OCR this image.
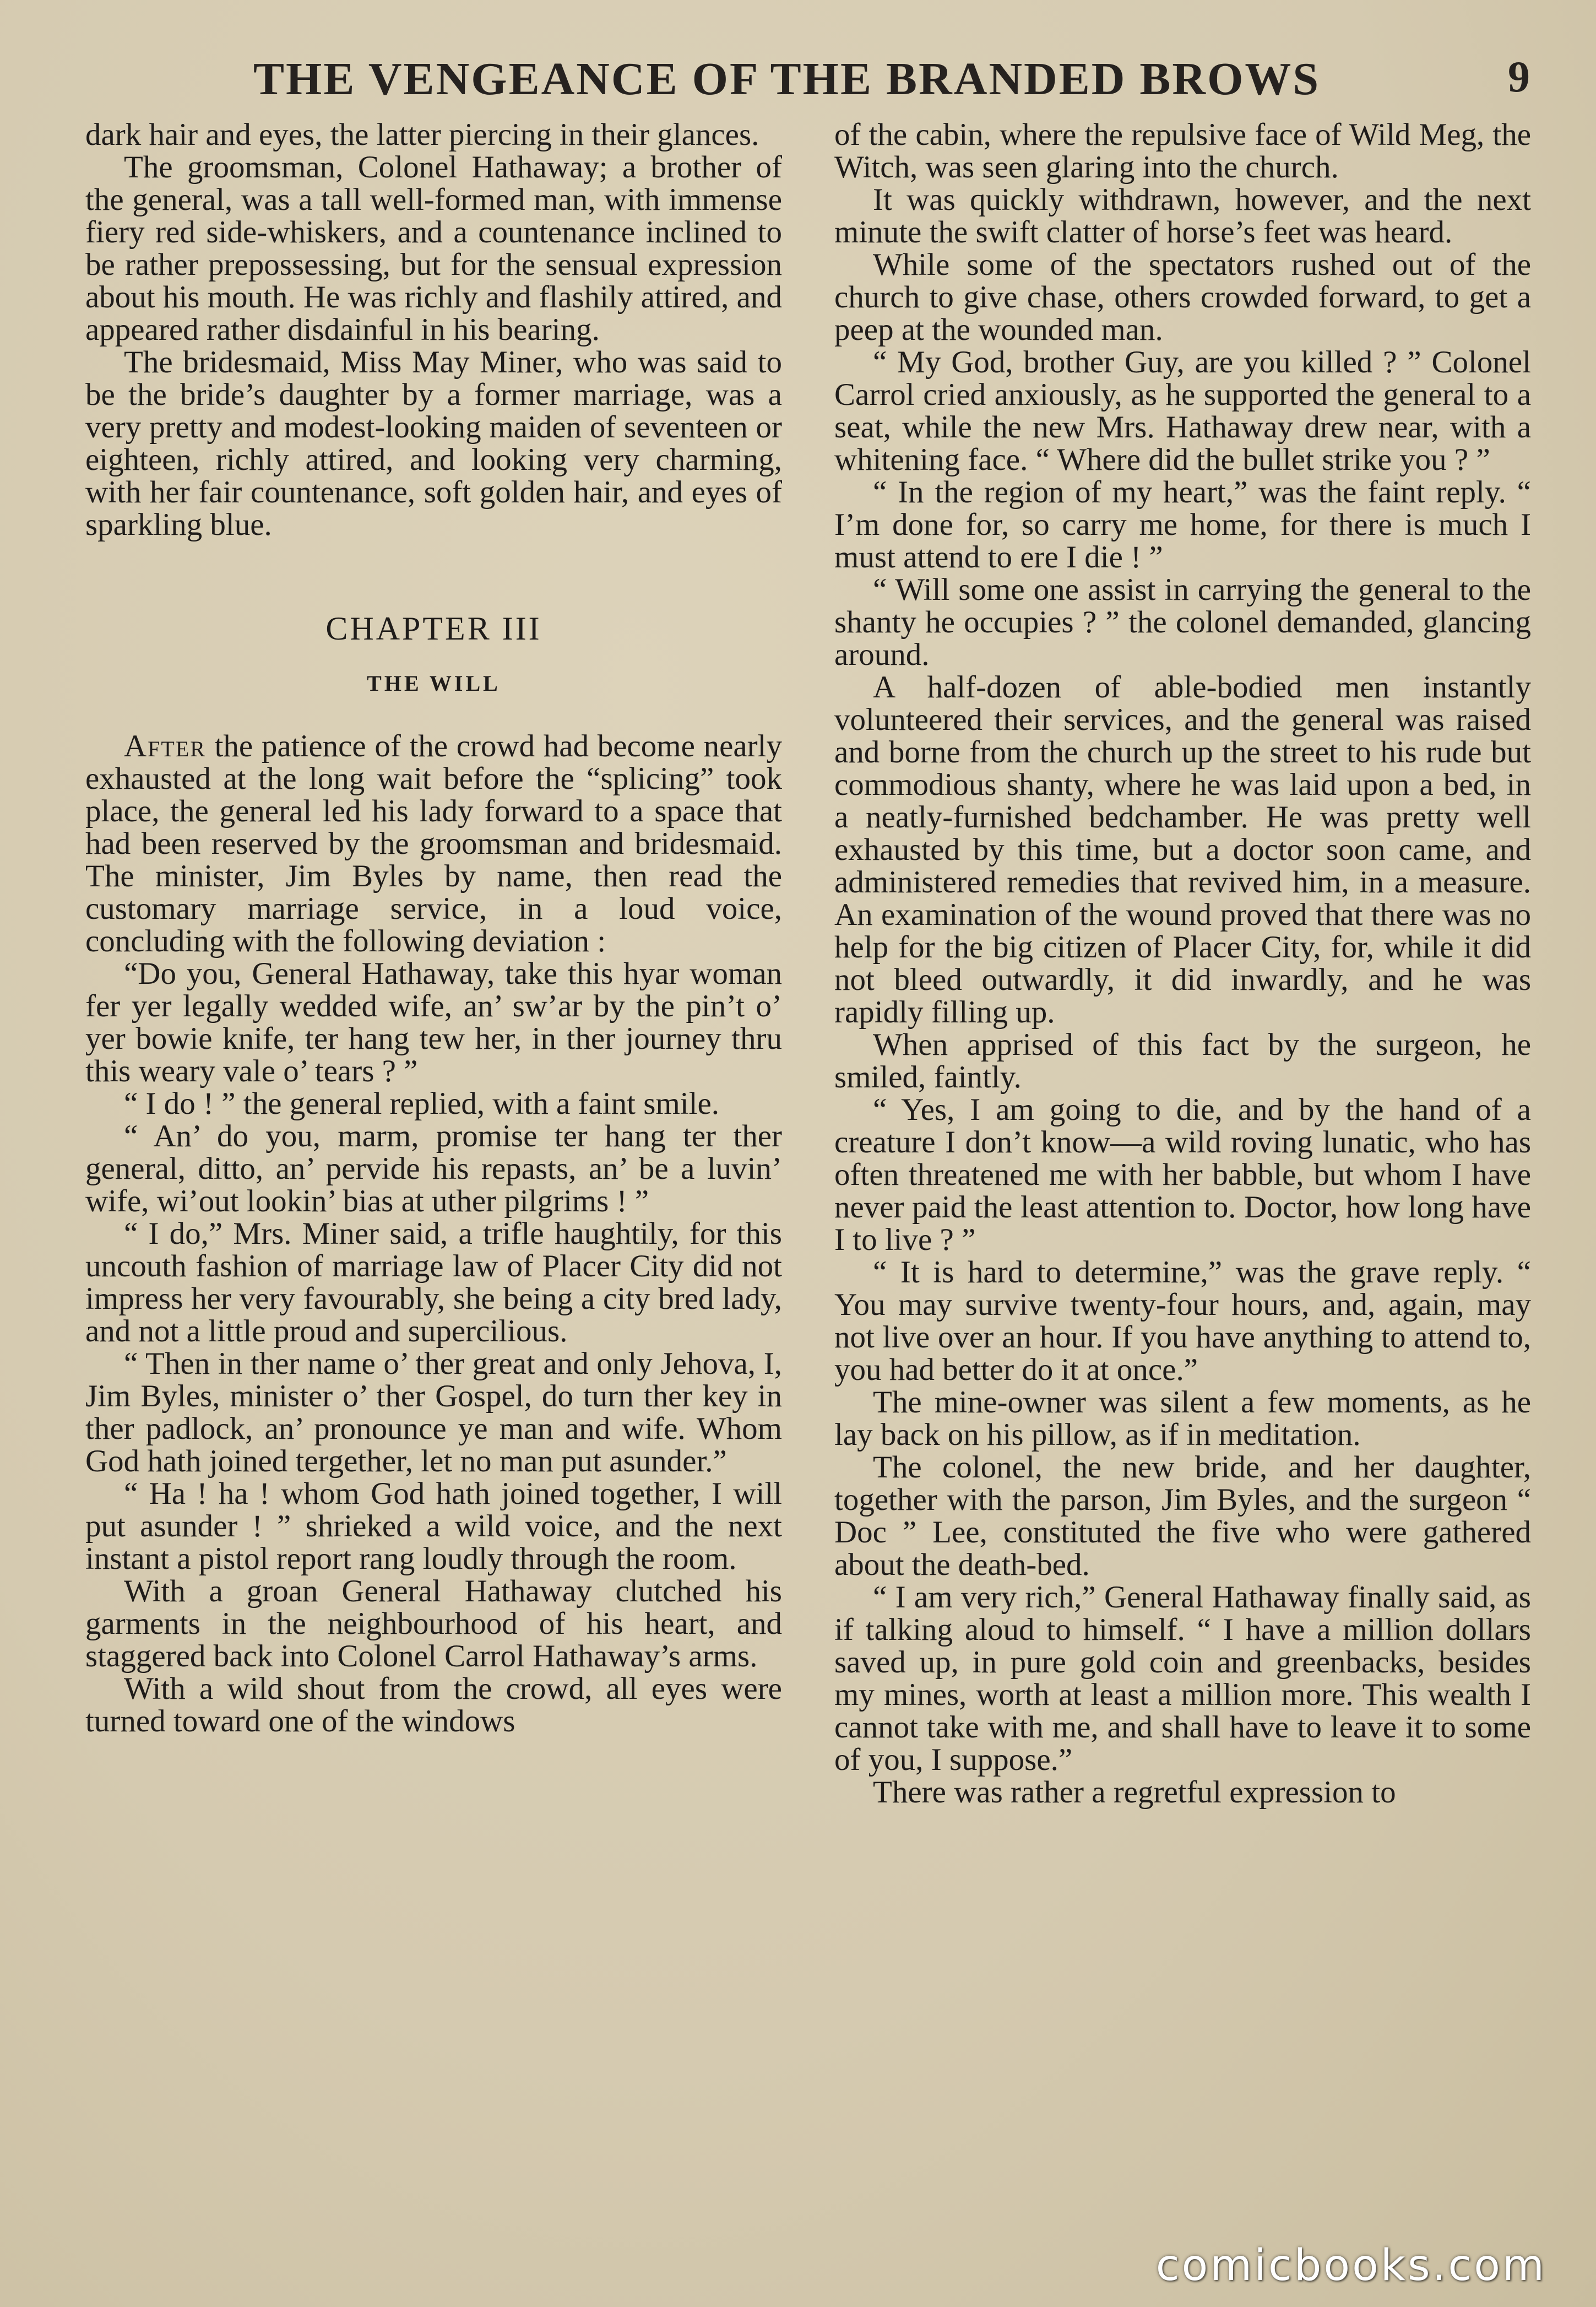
THE VENGEANCE OF THE BRANDED BROWS	9

dark hair and eyes, the latter piercing in their glances.

The groomsman, Colonel Hathaway; a brother of the general, was a tall well-formed man, with immense fiery red side-whiskers, and a countenance inclined to be rather prepossessing, but for the sensual expression about his mouth. He was richly and flashily attired, and appeared rather disdainful in his bearing.

The bridesmaid, Miss May Miner, who was said to be the bride’s daughter by a former marriage, was a very pretty and modest-looking maiden of seventeen or eighteen, richly attired, and looking very charming, with her fair countenance, soft golden hair, and eyes of sparkling blue.

CHAPTER III
THE WILL

After the patience of the crowd had become nearly exhausted at the long wait before the “splicing” took place, the general led his lady forward to a space that had been reserved by the groomsman and bridesmaid. The minister, Jim Byles by name, then read the customary marriage service, in a loud voice, concluding with the following deviation :

“Do you, General Hathaway, take this hyar woman fer yer legally wedded wife, an’ sw’ar by the pin’t o’ yer bowie knife, ter hang tew her, in ther journey thru this weary vale o’ tears ? ”

“ I do ! ” the general replied, with a faint smile.

“ An’ do you, marm, promise ter hang ter ther general, ditto, an’ pervide his repasts, an’ be a luvin’ wife, wi’out lookin’ bias at uther pilgrims ! ”

“ I do,” Mrs. Miner said, a trifle haughtily, for this uncouth fashion of marriage law of Placer City did not impress her very favourably, she being a city bred lady, and not a little proud and supercilious.

“ Then in ther name o’ ther great and only Jehova, I, Jim Byles, minister o’ ther Gospel, do turn ther key in ther padlock, an’ pronounce ye man and wife. Whom God hath joined tergether, let no man put asunder.”

“ Ha ! ha ! whom God hath joined together, I will put asunder ! ” shrieked a wild voice, and the next instant a pistol report rang loudly through the room.

With a groan General Hathaway clutched his garments in the neighbourhood of his heart, and staggered back into Colonel Carrol Hathaway’s arms.

With a wild shout from the crowd, all eyes were turned toward one of the windows

of the cabin, where the repulsive face of Wild Meg, the Witch, was seen glaring into the church.

It was quickly withdrawn, however, and the next minute the swift clatter of horse’s feet was heard.

While some of the spectators rushed out of the church to give chase, others crowded forward, to get a peep at the wounded man.

“ My God, brother Guy, are you killed ? ” Colonel Carrol cried anxiously, as he supported the general to a seat, while the new Mrs. Hathaway drew near, with a whitening face. “ Where did the bullet strike you ? ”

“ In the region of my heart,” was the faint reply. “ I’m done for, so carry me home, for there is much I must attend to ere I die ! ”

“ Will some one assist in carrying the general to the shanty he occupies ? ” the colonel demanded, glancing around.

A half-dozen of able-bodied men instantly volunteered their services, and the general was raised and borne from the church up the street to his rude but commodious shanty, where he was laid upon a bed, in a neatly-furnished bedchamber. He was pretty well exhausted by this time, but a doctor soon came, and administered remedies that revived him, in a measure. An examination of the wound proved that there was no help for the big citizen of Placer City, for, while it did not bleed outwardly, it did inwardly, and he was rapidly filling up.

When apprised of this fact by the surgeon, he smiled, faintly.

“ Yes, I am going to die, and by the hand of a creature I don’t know—a wild roving lunatic, who has often threatened me with her babble, but whom I have never paid the least attention to. Doctor, how long have I to live ? ”

“ It is hard to determine,” was the grave reply. “ You may survive twenty-four hours, and, again, may not live over an hour. If you have anything to attend to, you had better do it at once.”

The mine-owner was silent a few moments, as he lay back on his pillow, as if in meditation.

The colonel, the new bride, and her daughter, together with the parson, Jim Byles, and the surgeon “ Doc ” Lee, constituted the five who were gathered about the death-bed.

“ I am very rich,” General Hathaway finally said, as if talking aloud to himself. “ I have a million dollars saved up, in pure gold coin and greenbacks, besides my mines, worth at least a million more. This wealth I cannot take with me, and shall have to leave it to some of you, I suppose.”

There was rather a regretful expression to

comicbooks.com
